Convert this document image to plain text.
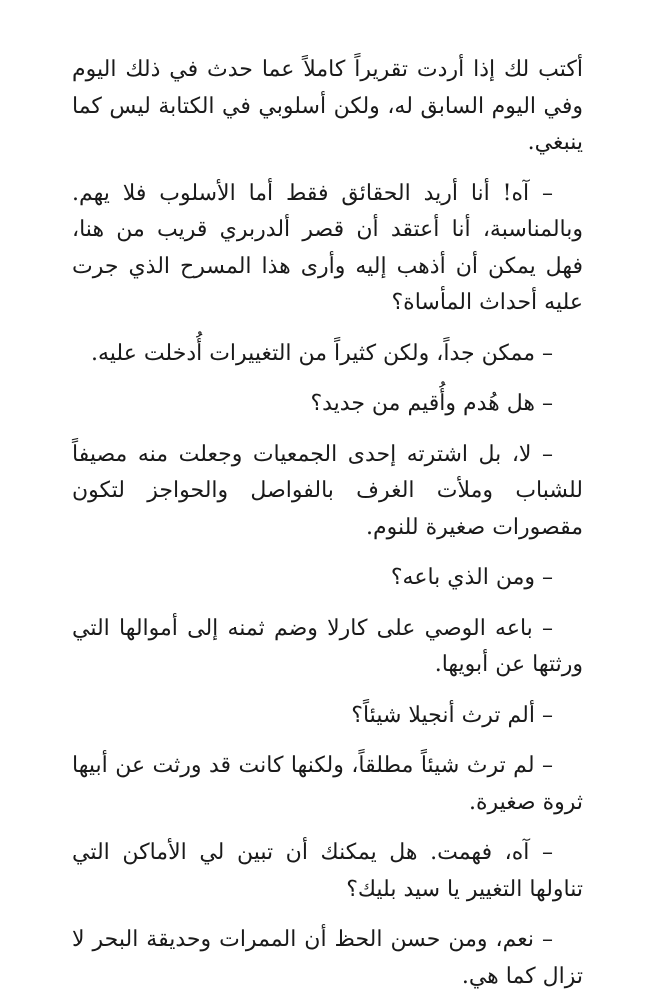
أكتب لك إذا أردت تقريراً كاملاً عما حدث في ذلك اليوم وفي اليوم السابق له، ولكن أسلوبي في الكتابة ليس كما ينبغي.

– آه! أنا أريد الحقائق فقط أما الأسلوب فلا يهم. وبالمناسبة، أنا أعتقد أن قصر ألدربري قريب من هنا، فهل يمكن أن أذهب إليه وأرى هذا المسرح الذي جرت عليه أحداث المأساة؟

– ممكن جداً، ولكن كثيراً من التغييرات أُدخلت عليه.

– هل هُدم وأُقيم من جديد؟

– لا، بل اشترته إحدى الجمعيات وجعلت منه مصيفاً للشباب وملأت الغرف بالفواصل والحواجز لتكون مقصورات صغيرة للنوم.

– ومن الذي باعه؟

– باعه الوصي على كارلا وضم ثمنه إلى أموالها التي ورثتها عن أبويها.

– ألم ترث أنجيلا شيئاً؟

– لم ترث شيئاً مطلقاً، ولكنها كانت قد ورثت عن أبيها ثروة صغيرة.

– آه، فهمت. هل يمكنك أن تبين لي الأماكن التي تناولها التغيير يا سيد بليك؟

– نعم، ومن حسن الحظ أن الممرات وحديقة البحر لا تزال كما هي.
